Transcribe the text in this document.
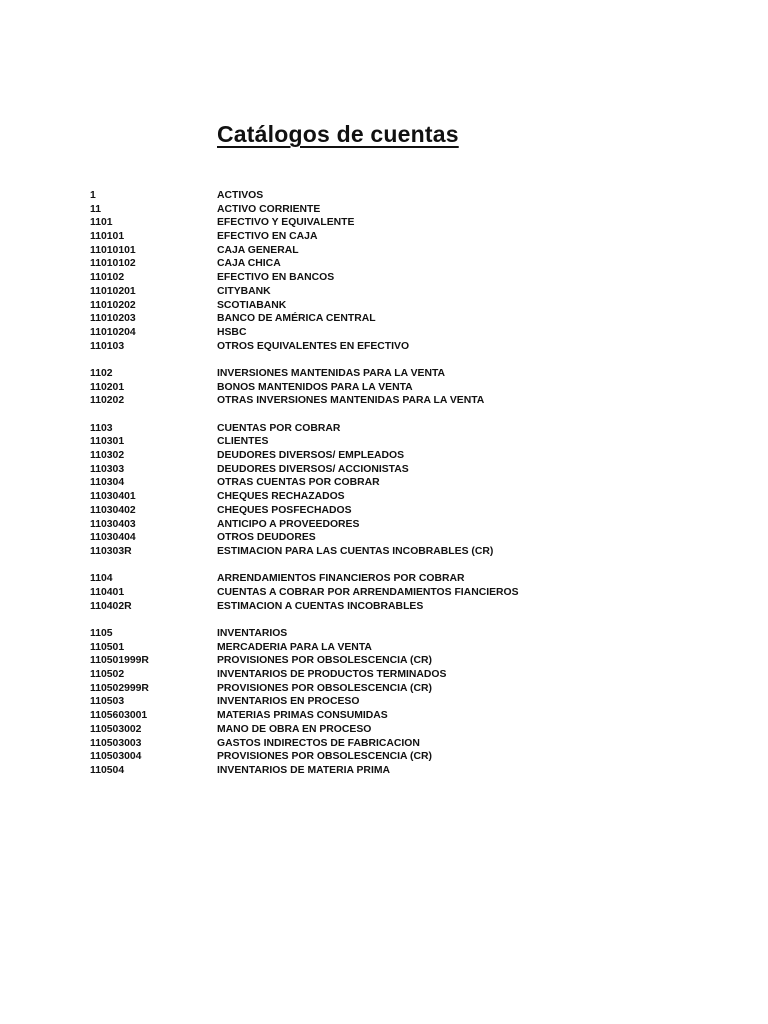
Catálogos de cuentas
1	ACTIVOS
11	ACTIVO CORRIENTE
1101	EFECTIVO Y EQUIVALENTE
110101	EFECTIVO EN CAJA
11010101	CAJA GENERAL
11010102	CAJA CHICA
110102	EFECTIVO EN BANCOS
11010201	CITYBANK
11010202	SCOTIABANK
11010203	BANCO DE AMÉRICA CENTRAL
11010204	HSBC
110103	OTROS EQUIVALENTES EN EFECTIVO
1102	INVERSIONES MANTENIDAS PARA LA VENTA
110201	BONOS MANTENIDOS PARA LA VENTA
110202	OTRAS INVERSIONES MANTENIDAS PARA LA VENTA
1103	CUENTAS POR COBRAR
110301	CLIENTES
110302	DEUDORES DIVERSOS/ EMPLEADOS
110303	DEUDORES DIVERSOS/ ACCIONISTAS
110304	OTRAS CUENTAS POR COBRAR
11030401	CHEQUES RECHAZADOS
11030402	CHEQUES POSFECHADOS
11030403	ANTICIPO A PROVEEDORES
11030404	OTROS DEUDORES
110303R	ESTIMACION PARA LAS CUENTAS INCOBRABLES (CR)
1104	ARRENDAMIENTOS FINANCIEROS POR COBRAR
110401	CUENTAS A COBRAR POR ARRENDAMIENTOS FIANCIEROS
110402R	ESTIMACION A CUENTAS INCOBRABLES
1105	INVENTARIOS
110501	MERCADERIA PARA LA VENTA
110501999R	PROVISIONES POR OBSOLESCENCIA (CR)
110502	INVENTARIOS DE PRODUCTOS TERMINADOS
110502999R	PROVISIONES POR OBSOLESCENCIA (CR)
110503	INVENTARIOS EN PROCESO
1105603001	MATERIAS PRIMAS CONSUMIDAS
110503002	MANO DE OBRA EN PROCESO
110503003	GASTOS INDIRECTOS DE FABRICACION
110503004	PROVISIONES POR OBSOLESCENCIA (CR)
110504	INVENTARIOS DE MATERIA PRIMA
